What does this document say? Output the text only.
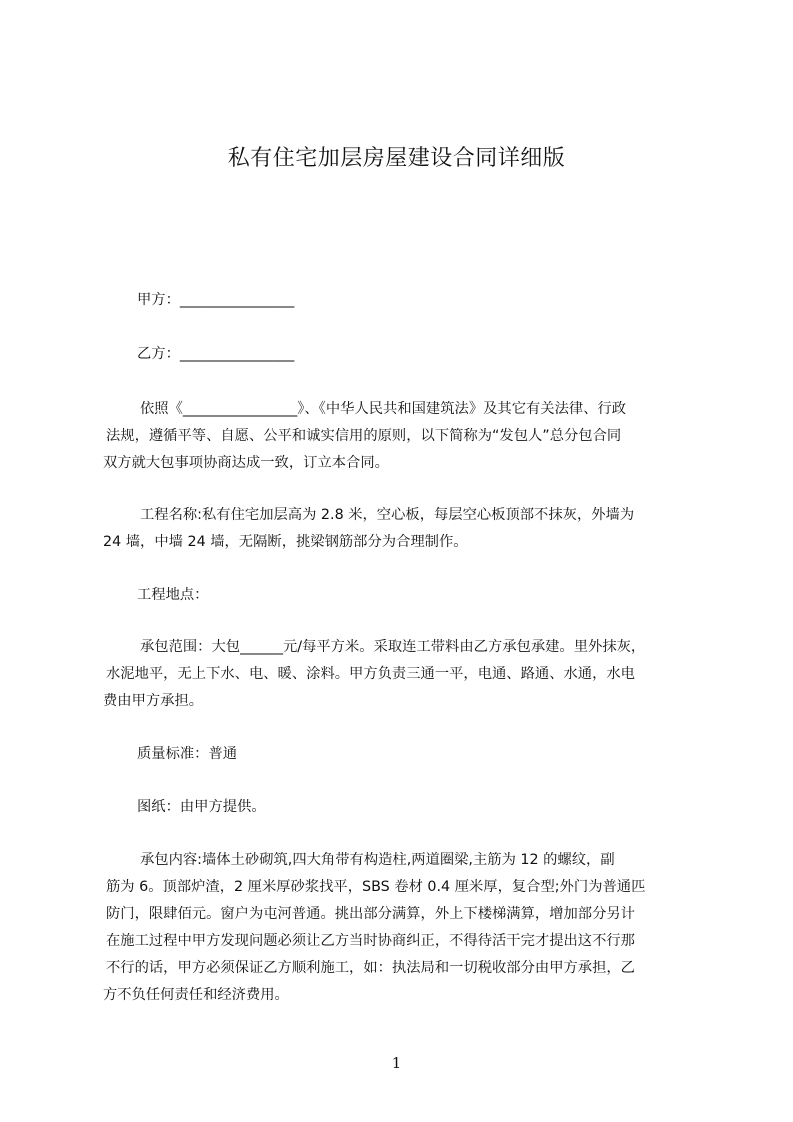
私有住宅加层房屋建设合同详细版
甲方：________________
乙方：________________
依照《________________》、《中华人民共和国建筑法》及其它有关法律、行政
法规，遵循平等、自愿、公平和诚实信用的原则，以下简称为“发包人”总分包合同
双方就大包事项协商达成一致，订立本合同。
工程名称:私有住宅加层高为 2.8 米，空心板，每层空心板顶部不抹灰，外墙为
24 墙，中墙 24 墙，无隔断，挑梁钢筋部分为合理制作。
工程地点：
承包范围：大包______元/每平方米。采取连工带料由乙方承包承建。里外抹灰，
水泥地平，无上下水、电、暖、涂料。甲方负责三通一平，电通、路通、水通，水电
费由甲方承担。
质量标准：普通
图纸：由甲方提供。
承包内容:墙体土砂砌筑,四大角带有构造柱,两道圈梁,主筋为 12 的螺纹，副
筋为 6。顶部炉渣，2 厘米厚砂浆找平，SBS 卷材 0.4 厘米厚，复合型;外门为普通匹
防门，限肆佰元。窗户为屯河普通。挑出部分满算，外上下楼梯满算，增加部分另计
在施工过程中甲方发现问题必须让乙方当时协商纠正，不得待活干完才提出这不行那
不行的话，甲方必须保证乙方顺利施工，如：执法局和一切税收部分由甲方承担，乙
方不负任何责任和经济费用。
1
